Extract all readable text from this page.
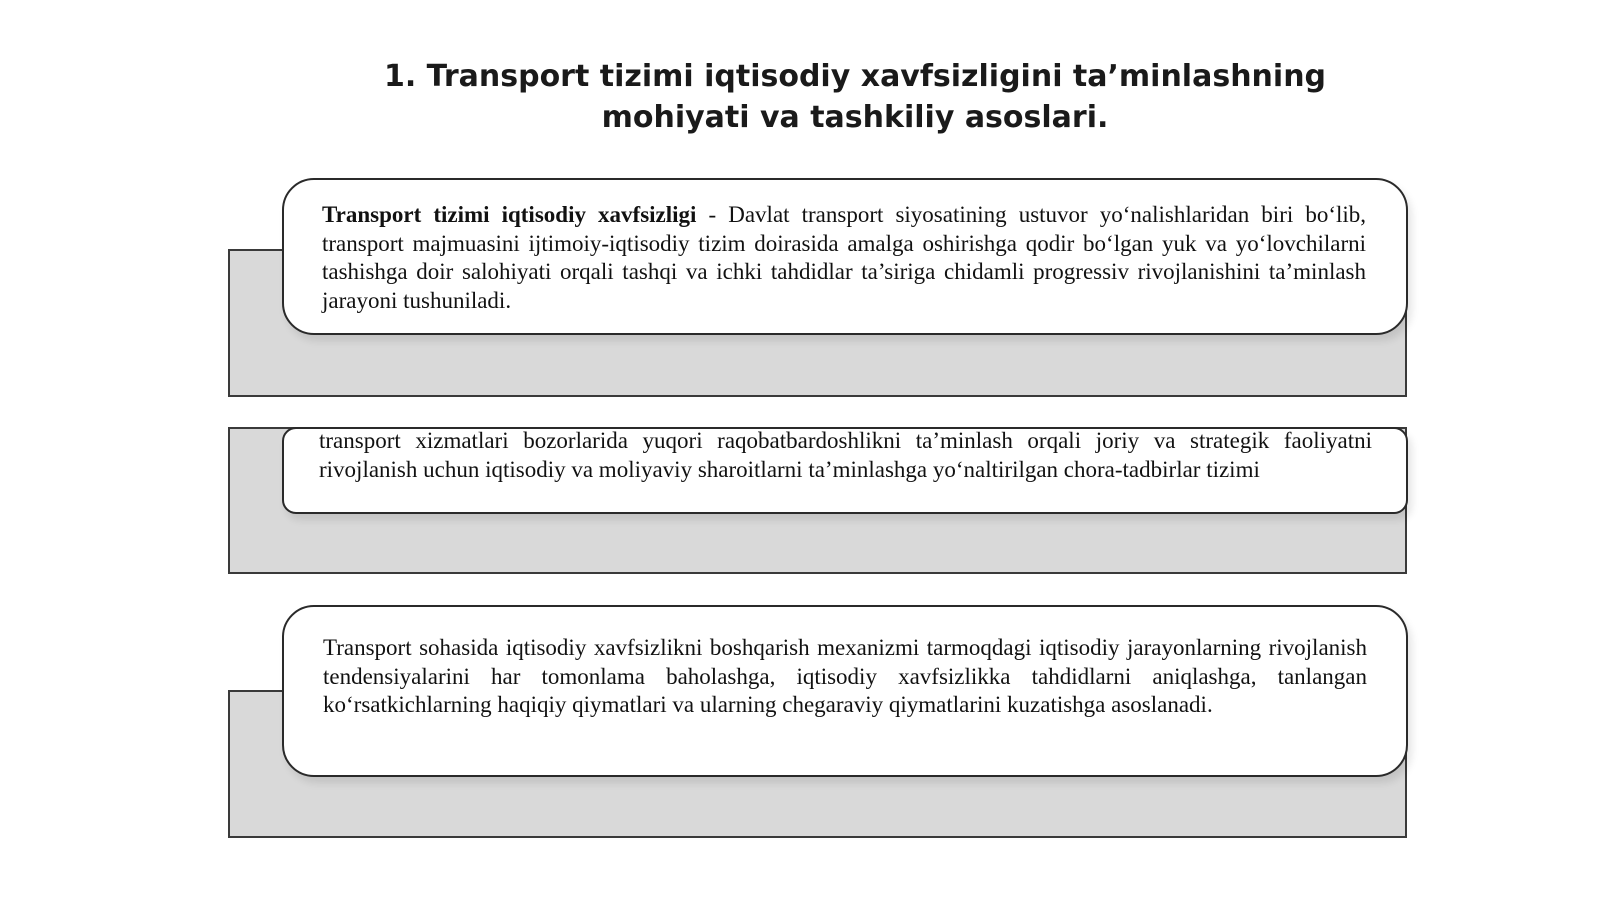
1. Transport tizimi iqtisodiy xavfsizligini ta’minlashning
mohiyati va tashkiliy asoslari.

Transport tizimi iqtisodiy xavfsizligi - Davlat transport siyosatining ustuvor yo‘nalishlaridan biri bo‘lib, transport majmuasini ijtimoiy-iqtisodiy tizim doirasida amalga oshirishga qodir bo‘lgan yuk va yo‘lovchilarni tashishga doir salohiyati orqali tashqi va ichki tahdidlar ta’siriga chidamli progressiv rivojlanishini ta’minlash jarayoni tushuniladi.

transport xizmatlari bozorlarida yuqori raqobatbardoshlikni ta’minlash orqali joriy va strategik faoliyatni rivojlanish uchun iqtisodiy va moliyaviy sharoitlarni ta’minlashga yo‘naltirilgan chora-tadbirlar tizimi

Transport sohasida iqtisodiy xavfsizlikni boshqarish mexanizmi tarmoqdagi iqtisodiy jarayonlarning rivojlanish tendensiyalarini har tomonlama baholashga, iqtisodiy xavfsizlikka tahdidlarni aniqlashga, tanlangan ko‘rsatkichlarning haqiqiy qiymatlari va ularning chegaraviy qiymatlarini kuzatishga asoslanadi.
